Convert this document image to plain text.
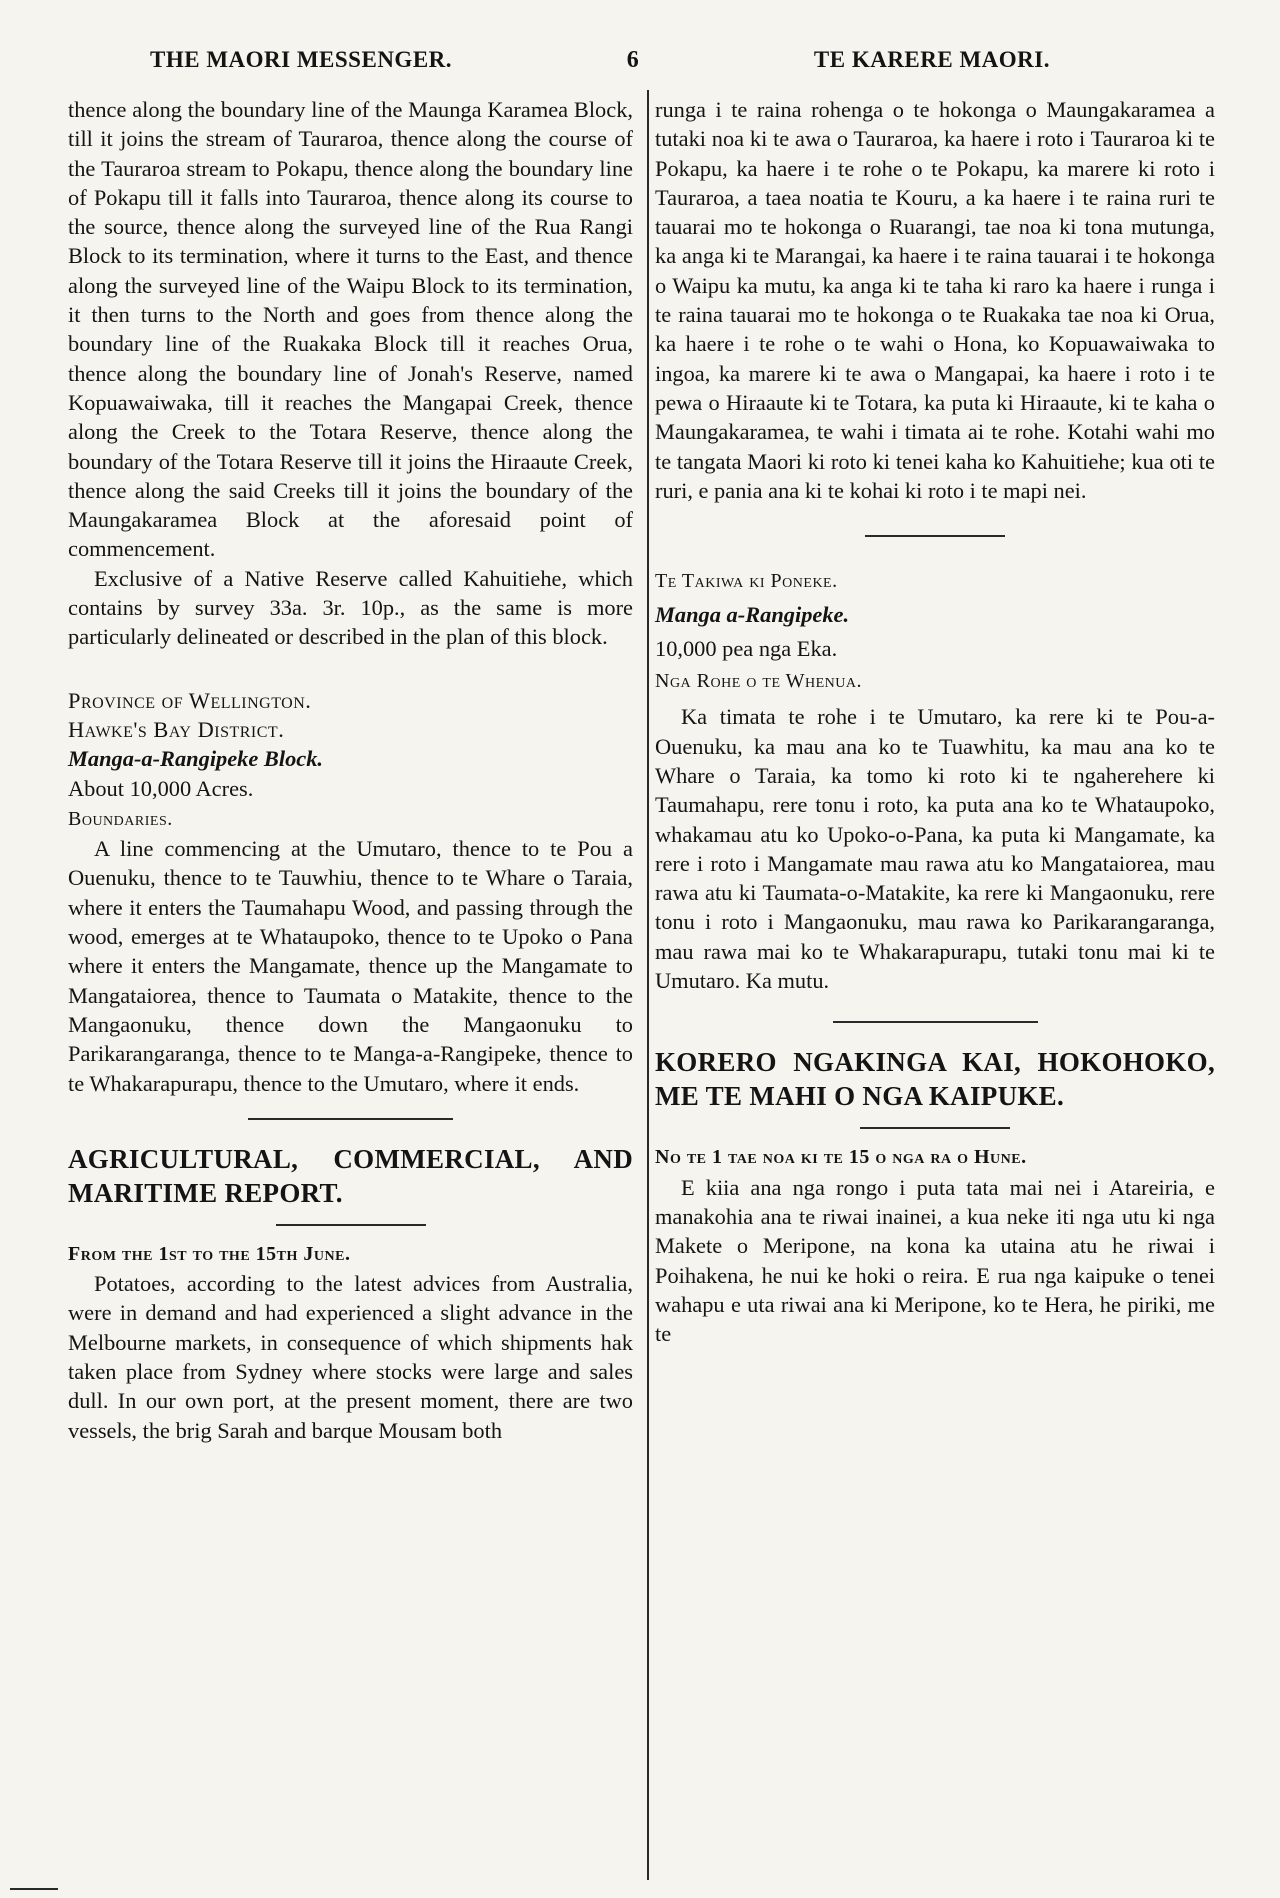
THE MAORI MESSENGER.	6	TE KARERE MAORI.

thence along the boundary line of the Maunga Karamea Block, till it joins the stream of Tauraroa, thence along the course of the Tauraroa stream to Pokapu, thence along the boundary line of Pokapu till it falls into Tauraroa, thence along its course to the source, thence along the surveyed line of the Rua Rangi Block to its termination, where it turns to the East, and thence along the surveyed line of the Waipu Block to its termination, it then turns to the North and goes from thence along the boundary line of the Ruakaka Block till it reaches Orua, thence along the boundary line of Jonah's Reserve, named Kopuawaiwaka, till it reaches the Mangapai Creek, thence along the Creek to the Totara Reserve, thence along the boundary of the Totara Reserve till it joins the Hiraaute Creek, thence along the said Creeks till it joins the boundary of the Maungakaramea Block at the aforesaid point of commencement.

Exclusive of a Native Reserve called Kahuitiehe, which contains by survey 33a. 3r. 10p., as the same is more particularly delineated or described in the plan of this block.

Province of Wellington.

Hawke's Bay District.

Manga-a-Rangipeke Block.

About 10,000 Acres.

Boundaries.

A line commencing at the Umutaro, thence to te Pou a Ouenuku, thence to te Tauwhiu, thence to te Whare o Taraia, where it enters the Taumahapu Wood, and passing through the wood, emerges at te Whataupoko, thence to te Upoko o Pana where it enters the Mangamate, thence up the Mangamate to Mangataiorea, thence to Taumata o Matakite, thence to the Mangaonuku, thence down the Mangaonuku to Parikarangaranga, thence to te Manga-a-Rangipeke, thence to te Whakarapurapu, thence to the Umutaro, where it ends.

AGRICULTURAL, COMMERCIAL, AND MARITIME REPORT.

From the 1st to the 15th June.

Potatoes, according to the latest advices from Australia, were in demand and had experienced a slight advance in the Melbourne markets, in consequence of which shipments hak taken place from Sydney where stocks were large and sales dull. In our own port, at the present moment, there are two vessels, the brig Sarah and barque Mousam both

runga i te raina rohenga o te hokonga o Maungakaramea a tutaki noa ki te awa o Tauraroa, ka haere i roto i Tauraroa ki te Pokapu, ka haere i te rohe o te Pokapu, ka marere ki roto i Tauraroa, a taea noatia te Kouru, a ka haere i te raina ruri te tauarai mo te hokonga o Ruarangi, tae noa ki tona mutunga, ka anga ki te Marangai, ka haere i te raina tauarai i te hokonga o Waipu ka mutu, ka anga ki te taha ki raro ka haere i runga i te raina tauarai mo te hokonga o te Ruakaka tae noa ki Orua, ka haere i te rohe o te wahi o Hona, ko Kopuawaiwaka to ingoa, ka marere ki te awa o Mangapai, ka haere i roto i te pewa o Hiraaute ki te Totara, ka puta ki Hiraaute, ki te kaha o Maungakaramea, te wahi i timata ai te rohe. Kotahi wahi mo te tangata Maori ki roto ki tenei kaha ko Kahuitiehe; kua oti te ruri, e pania ana ki te kohai ki roto i te mapi nei.

Te Takiwa ki Poneke.

Manga a-Rangipeke.

10,000 pea nga Eka.

Nga Rohe o te Whenua.

Ka timata te rohe i te Umutaro, ka rere ki te Pou-a-Ouenuku, ka mau ana ko te Tuawhitu, ka mau ana ko te Whare o Taraia, ka tomo ki roto ki te ngaherehere ki Taumahapu, rere tonu i roto, ka puta ana ko te Whataupoko, whakamau atu ko Upoko-o-Pana, ka puta ki Mangamate, ka rere i roto i Mangamate mau rawa atu ko Mangataiorea, mau rawa atu ki Taumata-o-Matakite, ka rere ki Mangaonuku, rere tonu i roto i Mangaonuku, mau rawa ko Parikarangaranga, mau rawa mai ko te Whakarapurapu, tutaki tonu mai ki te Umutaro. Ka mutu.

KORERO NGAKINGA KAI, HOKOHOKO, ME TE MAHI O NGA KAIPUKE.

No te 1 tae noa ki te 15 o nga ra o Hune.

E kiia ana nga rongo i puta tata mai nei i Atareiria, e manakohia ana te riwai inainei, a kua neke iti nga utu ki nga Makete o Meripone, na kona ka utaina atu he riwai i Poihakena, he nui ke hoki o reira. E rua nga kaipuke o tenei wahapu e uta riwai ana ki Meripone, ko te Hera, he piriki, me te
